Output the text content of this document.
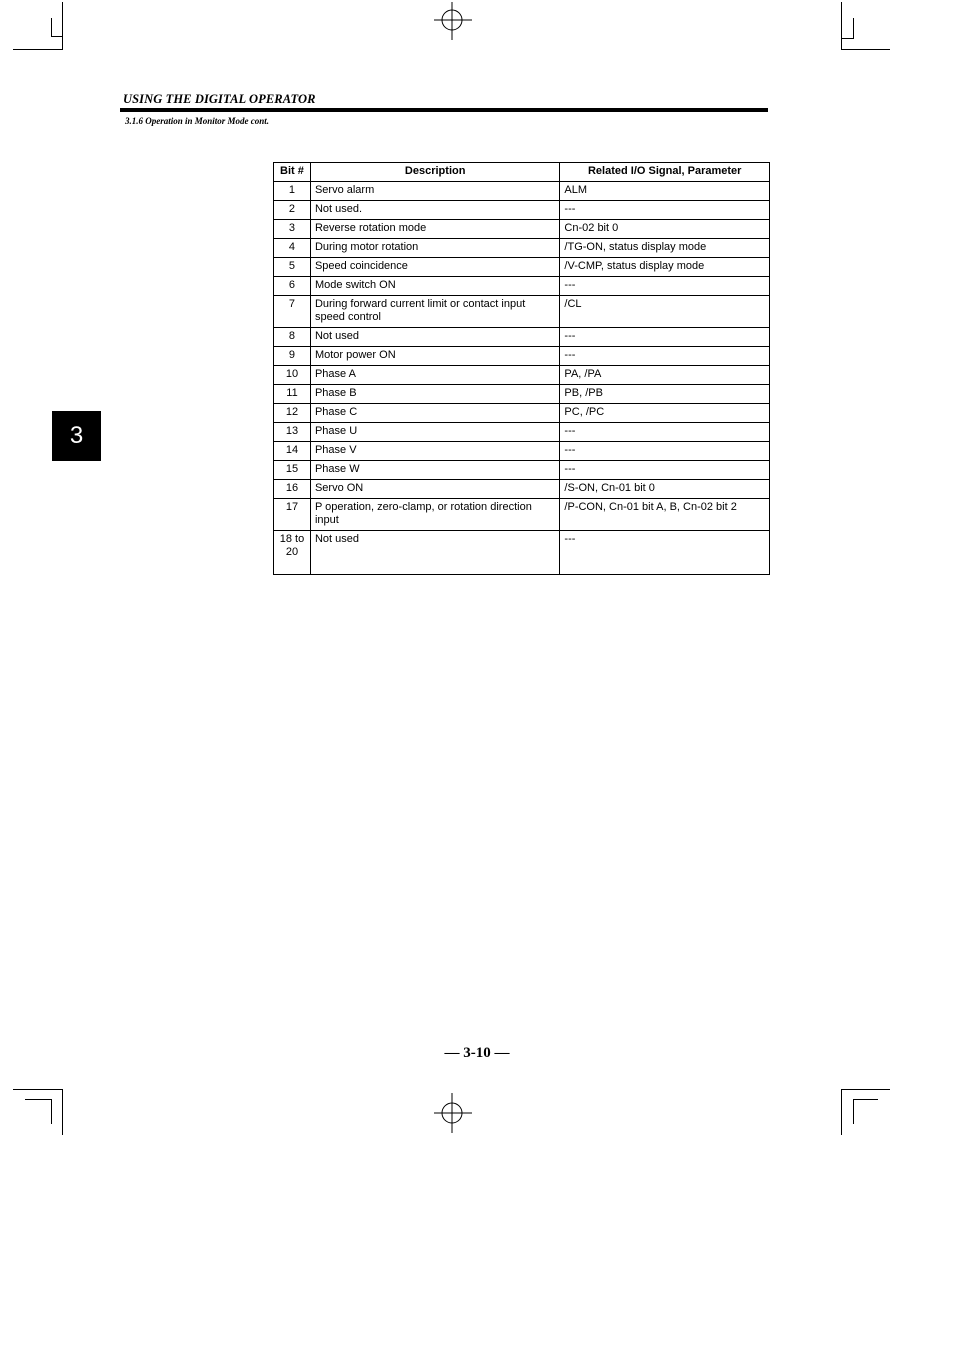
USING THE DIGITAL OPERATOR
3.1.6 Operation in Monitor Mode cont.
3
Bit #	Description	Related I/O Signal, Parameter
1	Servo alarm	ALM
2	Not used.	---
3	Reverse rotation mode	Cn-02 bit 0
4	During motor rotation	/TG-ON, status display mode
5	Speed coincidence	/V-CMP, status display mode
6	Mode switch ON	---
7	During forward current limit or contact input speed control	/CL
8	Not used	---
9	Motor power ON	---
10	Phase A	PA, /PA
11	Phase B	PB, /PB
12	Phase C	PC, /PC
13	Phase U	---
14	Phase V	---
15	Phase W	---
16	Servo ON	/S-ON, Cn-01 bit 0
17	P operation, zero-clamp, or rotation direction input	/P-CON, Cn-01 bit A, B, Cn-02 bit 2
18 to 20	Not used	---
— 3-10 —
